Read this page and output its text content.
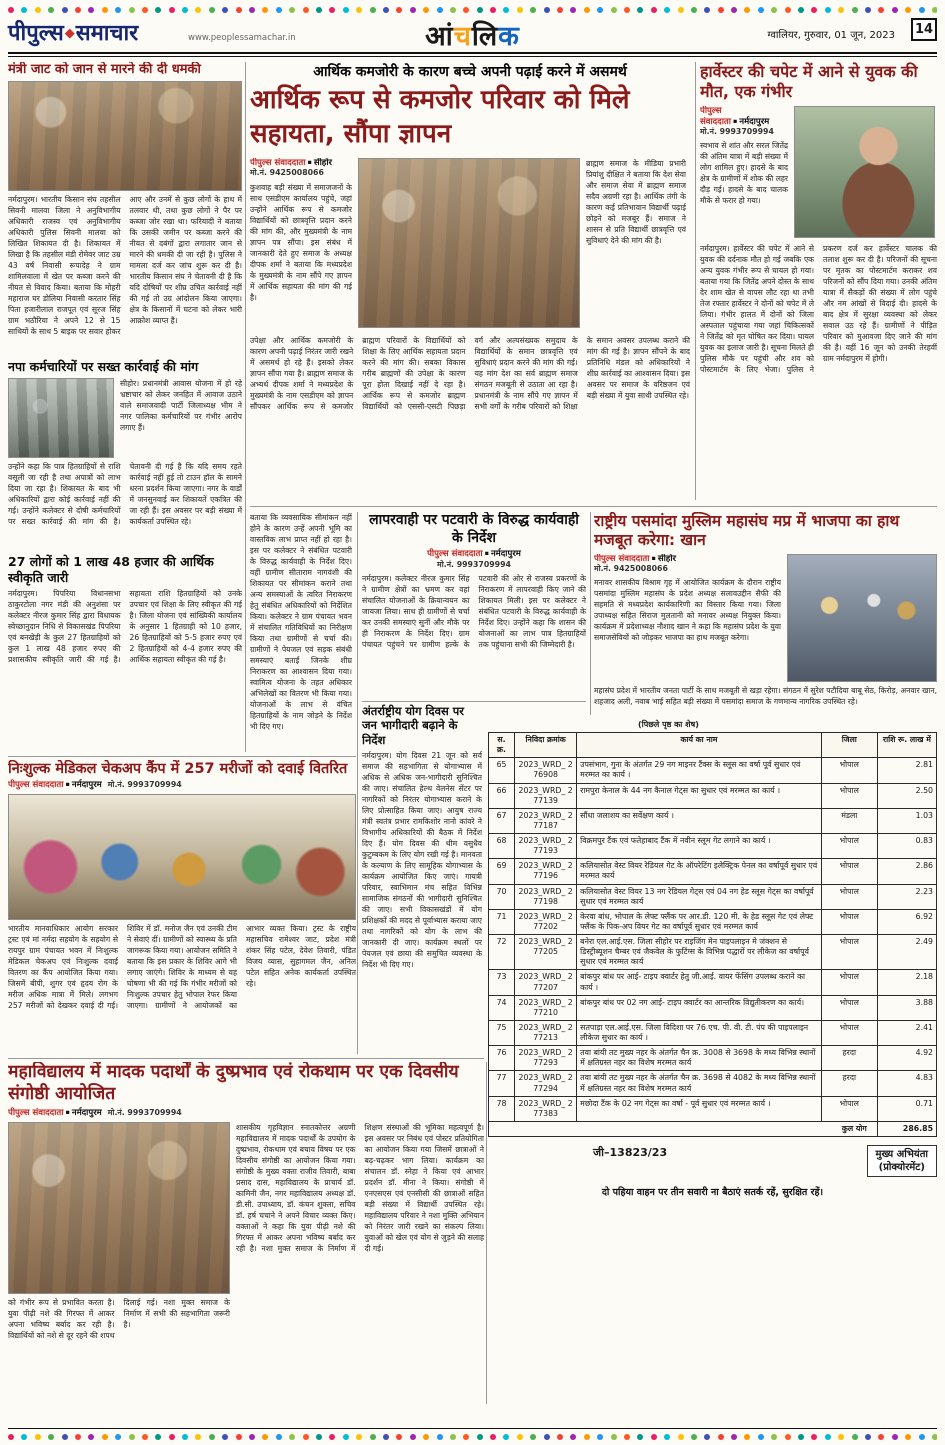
पीपुल्स◆समाचार	www.peoplessamachar.in	आंचलिक	ग्वालियर, गुरुवार, 01 जून, 2023	14
मंत्री जाट को जान से मारने की दी धमकी
नर्मदापुरम। भारतीय किसान संघ तहसील सिवनी मालवा जिला ने अनुविभागीय अधिकारी राजस्व एवं अनुविभागीय अधिकारी पुलिस सिवनी मालवा को लिखित शिकायत दी है। शिकायत में लिखा है कि तहसील मंडी रोमेवर जाट उम्र 43 वर्ष निवासी रूपादेह ने ग्राम शामिलवाला में खेत पर कब्जा करने की नीयत से विवाद किया। बताया कि मोहरी महाराज घर डोलिया निवासी करतार सिंह पिता हजारीलाल राजपूत एवं सूरज सिंह ग्राम भठौरिया ने अपने 12 से 15 साथियों के साथ 5 बाइक पर सवार होकर आए और उनमें से कुछ लोगों के हाथ में तलवार थी, तथा कुछ लोगों ने पैर पर कब्जा जोर रखा था। फरियादी ने बताया कि उसकी जमीन पर कब्जा करने की नीयत से दबंगों द्वारा लगातार जान से मारने की धमकी दी जा रही है। पुलिस ने मामला दर्ज कर जांच शुरू कर दी है। भारतीय किसान संघ ने चेतावनी दी है कि यदि दोषियों पर शीघ्र उचित कार्रवाई नहीं की गई तो उग्र आंदोलन किया जाएगा। क्षेत्र के किसानों में घटना को लेकर भारी आक्रोश व्याप्त है।
नपा कर्मचारियों पर सख्त कार्रवाई की मांग
सीहोर। प्रधानमंत्री आवास योजना में हो रहे भ्रष्टाचार को लेकर जनहित में आवाज उठाने वाले समाजवादी पार्टी जिलाध्यक्ष भीम ने नगर पालिका कर्मचारियों पर गंभीर आरोप लगाए हैं।
उन्होंने कहा कि पात्र हितग्राहियों से राशि वसूली जा रही है तथा अपात्रों को लाभ दिया जा रहा है। शिकायत के बाद भी अधिकारियों द्वारा कोई कार्रवाई नहीं की गई। उन्होंने कलेक्टर से दोषी कर्मचारियों पर सख्त कार्रवाई की मांग की है। चेतावनी दी गई है कि यदि समय रहते कार्रवाई नहीं हुई तो टाउन हॉल के सामने धरना प्रदर्शन किया जाएगा। नगर के वार्डों में जनसुनवाई कर शिकायतें एकत्रित की जा रही हैं। इस अवसर पर बड़ी संख्या में कार्यकर्ता उपस्थित रहे।
27 लोगों को 1 लाख 48 हजार की आर्थिक स्वीकृति जारी
नर्मदापुरम। पिपरिया विधानसभा ठाकुरटोला नगर मंडी की अनुशंसा पर कलेक्टर नीरज कुमार सिंह द्वारा विधायक स्वेच्छानुदान निधि से विकासखंड पिपरिया एवं बनखेड़ी के कुल 27 हितग्राहियों को कुल 1 लाख 48 हजार रुपए की प्रशासकीय स्वीकृति जारी की गई है। सहायता राशि हितग्राहियों को उनके उपचार एवं शिक्षा के लिए स्वीकृत की गई है। जिला योजना एवं सांख्यिकी कार्यालय के अनुसार 1 हितग्राही को 10 हजार, 26 हितग्राहियों को 5-5 हजार रुपए एवं 2 हितग्राहियों को 4-4 हजार रुपए की आर्थिक सहायता स्वीकृत की गई है।
आर्थिक कमजोरी के कारण बच्चे अपनी पढ़ाई करने में असमर्थ
आर्थिक रूप से कमजोर परिवार को मिले सहायता, सौंपा ज्ञापन
पीपुल्स संवाददाता ▪ सीहोर
मो.नं. 9425008066
कुशवाह बड़ी संख्या में समाजजनों के साथ एसडीएम कार्यालय पहुंचे, जहां उन्होंने आर्थिक रूप से कमजोर विद्यार्थियों को छात्रवृत्ति प्रदान करने की मांग की, और मुख्यमंत्री के नाम ज्ञापन पत्र सौंपा। इस संबंध में जानकारी देते हुए समाज के अध्यक्ष दीपक शर्मा ने बताया कि मध्यप्रदेश के मुख्यमंत्री के नाम सौंपे गए ज्ञापन में आर्थिक सहायता की मांग की गई है।
ब्राह्मण समाज के मीडिया प्रभारी प्रियांशु दीक्षित ने बताया कि देश सेवा और समाज सेवा में ब्राह्मण समाज सदैव अग्रणी रहा है। आर्थिक तंगी के कारण कई प्रतिभावान विद्यार्थी पढ़ाई छोड़ने को मजबूर हैं। समाज ने शासन से प्रति विद्यार्थी छात्रवृत्ति एवं सुविधाएं देने की मांग की है।
उपेक्षा और आर्थिक कमजोरी के कारण अपनी पढ़ाई निरंतर जारी रखने में असमर्थ हो रहे हैं। इसको लेकर ज्ञापन सौंपा गया है। ब्राह्मण समाज के अभ्यर्थ दीपक शर्मा ने मध्यप्रदेश के मुख्यमंत्री के नाम एसडीएम को ज्ञापन सौंपकर आर्थिक रूप से कमजोर ब्राह्मण परिवारों के विद्यार्थियों को शिक्षा के लिए आर्थिक सहायता प्रदान करने की मांग की। सबका विकास गरीब ब्राह्मणों की उपेक्षा के कारण पूरा होता दिखाई नहीं दे रहा है। आर्थिक रूप से कमजोर ब्राह्मण विद्यार्थियों को एससी-एसटी पिछड़ा वर्ग और अल्पसंख्यक समुदाय के विद्यार्थियों के समान छात्रवृत्ति एवं सुविधाएं प्रदान करने की मांग की गई। यह मांग देश का सर्व ब्राह्मण समाज संगठन मजबूती से उठाता आ रहा है। प्रधानमंत्री के नाम सौंपे गए ज्ञापन में सभी वर्गों के गरीब परिवारों को शिक्षा के समान अवसर उपलब्ध कराने की मांग की गई है। ज्ञापन सौंपने के बाद प्रतिनिधि मंडल को अधिकारियों ने शीघ्र कार्रवाई का आश्वासन दिया। इस अवसर पर समाज के वरिष्ठजन एवं बड़ी संख्या में युवा साथी उपस्थित रहे।
हार्वेस्टर की चपेट में आने से युवक की मौत, एक गंभीर
पीपुल्स संवाददाता ▪ नर्मदापुरम
मो.नं. 9993709994
स्वभाव से शांत और सरल जितेंद्र की अंतिम यात्रा में बड़ी संख्या में लोग शामिल हुए। हादसे के बाद क्षेत्र के ग्रामीणों में शोक की लहर दौड़ गई। हादसे के बाद चालक मौके से फरार हो गया।
नर्मदापुरम। हार्वेस्टर की चपेट में आने से युवक की दर्दनाक मौत हो गई जबकि एक अन्य युवक गंभीर रूप से घायल हो गया। बताया गया कि जितेंद्र अपने दोस्त के साथ देर शाम खेत से वापस लौट रहा था तभी तेज रफ्तार हार्वेस्टर ने दोनों को चपेट में ले लिया। गंभीर हालत में दोनों को जिला अस्पताल पहुंचाया गया जहां चिकित्सकों ने जितेंद्र को मृत घोषित कर दिया। घायल युवक का इलाज जारी है। सूचना मिलते ही पुलिस मौके पर पहुंची और शव को पोस्टमार्टम के लिए भेजा। पुलिस ने प्रकरण दर्ज कर हार्वेस्टर चालक की तलाश शुरू कर दी है। परिजनों की सूचना पर मृतक का पोस्टमार्टम कराकर शव परिजनों को सौंप दिया गया। उनकी अंतिम यात्रा में सैकड़ों की संख्या में लोग पहुंचे और नम आंखों से विदाई दी। हादसे के बाद क्षेत्र में सुरक्षा व्यवस्था को लेकर सवाल उठ रहे हैं। ग्रामीणों ने पीड़ित परिवार को मुआवजा दिए जाने की मांग की है। वहीं 16 जून को उनकी तेरहवीं ग्राम नर्मदापुरम में होगी।
बताया कि व्यवसायिक सीमांकन नहीं होने के कारण उन्हें अपनी भूमि का वास्तविक लाभ प्राप्त नहीं हो रहा है। इस पर कलेक्टर ने संबंधित पटवारी के विरुद्ध कार्यवाही के निर्देश दिए। वहीं ग्रामीण सीताराम नागवंशी की शिकायत पर सीमांकन कराने तथा अन्य समस्याओं के त्वरित निराकरण हेतु संबंधित अधिकारियों को निर्देशित किया। कलेक्टर ने ग्राम पंचायत भवन में संचालित गतिविधियों का निरीक्षण किया तथा ग्रामीणों से चर्चा की। ग्रामीणों ने पेयजल एवं सड़क संबंधी समस्याएं बताईं जिनके शीघ्र निराकरण का आश्वासन दिया गया। स्वामित्व योजना के तहत अधिकार अभिलेखों का वितरण भी किया गया। योजनाओं के लाभ से वंचित हितग्राहियों के नाम जोड़ने के निर्देश भी दिए गए।
लापरवाही पर पटवारी के विरुद्ध कार्यवाही के निर्देश
पीपुल्स संवाददाता ▪ नर्मदापुरम
मो.नं. 9993709994
नर्मदापुरम। कलेक्टर नीरज कुमार सिंह ने ग्रामीण क्षेत्रों का भ्रमण कर वहां संचालित योजनाओं के क्रियान्वयन का जायजा लिया। साथ ही ग्रामीणों से चर्चा कर उनकी समस्याएं सुनीं और मौके पर ही निराकरण के निर्देश दिए। ग्राम पंचायत पहुंचने पर ग्रामीण हल्के के पटवारी की ओर से राजस्व प्रकरणों के निराकरण में लापरवाही किए जाने की शिकायत मिली। इस पर कलेक्टर ने संबंधित पटवारी के विरुद्ध कार्यवाही के निर्देश दिए। उन्होंने कहा कि शासन की योजनाओं का लाभ पात्र हितग्राहियों तक पहुंचाना सभी की जिम्मेदारी है।
राष्ट्रीय पसमांदा मुस्लिम महासंघ मप्र में भाजपा का हाथ मजबूत करेगा: खान
पीपुल्स संवाददाता ▪ सीहोर
मो.नं. 9425008066
मनावर शासकीय विश्राम गृह में आयोजित कार्यक्रम के दौरान राष्ट्रीय पसमांदा मुस्लिम महासंघ के प्रदेश अध्यक्ष सलावउद्दीन सैफी की सहमति से मध्यप्रदेश कार्यकारिणी का विस्तार किया गया। जिला उपाध्यक्ष सहित सिराज मुलतानी को मनावर अध्यक्ष नियुक्त किया। कार्यक्रम में प्रदेशाध्यक्ष नौशाद खान ने कहा कि महासंघ प्रदेश के युवा समाजसेवियों को जोड़कर भाजपा का हाथ मजबूत करेगा।
महासंघ प्रदेश में भारतीय जनता पार्टी के साथ मजबूती से खड़ा रहेगा। संगठन में सुरेश पटौदिया बाबू सेठ, किरोड़, अनवार खान, शहजाद अली, नवाब भाई सहित बड़ी संख्या में पसमांदा समाज के गणमान्य नागरिक उपस्थित रहे।
अंतर्राष्ट्रीय योग दिवस पर जन भागीदारी बढ़ाने के निर्देश
नर्मदापुरम। योग दिवस 21 जून को सर्व समाज की सहभागिता से योगाभ्यास में अधिक से अधिक जन-भागीदारी सुनिश्चित की जाए। संचालित हेल्थ वेलनेस सेंटर पर नागरिकों को निरंतर योगाभ्यास कराने के लिए प्रोत्साहित किया जाए। आयुष राज्य मंत्री स्वतंत्र प्रभार रामकिशोर नानो कांवरे ने विभागीय अधिकारियों की बैठक में निर्देश दिए हैं। योग दिवस की थीम वसुधैव कुटुम्बकम के लिए योग रखी गई है। मानवता के कल्याण के लिए सामूहिक योगाभ्यास के कार्यक्रम आयोजित किए जाएं। गायत्री परिवार, स्वाभिमान मंच सहित विभिन्न सामाजिक संगठनों की भागीदारी सुनिश्चित की जाए। सभी विकासखंडों में योग प्रशिक्षकों की मदद से पूर्वाभ्यास कराया जाए तथा नागरिकों को योग के लाभ की जानकारी दी जाए। कार्यक्रम स्थलों पर पेयजल एवं छाया की समुचित व्यवस्था के निर्देश भी दिए गए।
निःशुल्क मेडिकल चेकअप कैंप में 257 मरीजों को दवाई वितरित
पीपुल्स संवाददाता ▪ नर्मदापुरम मो.नं. 9993709994
भारतीय मानवाधिकार आयोग सरकार ट्रस्ट एवं मां नर्मदा सहयोग के सहयोग से रायपुर ग्राम पंचायत भवन में निःशुल्क मेडिकल चेकअप एवं निःशुल्क दवाई वितरण का कैंप आयोजित किया गया। जिसमें बीपी, शुगर एवं हृदय रोग के मरीज अधिक मात्रा में मिले। लगभग 257 मरीजों को देखकर दवाई दी गई। शिविर में डॉ. मनोज जैन एवं उनकी टीम ने सेवाएं दीं। ग्रामीणों को स्वास्थ्य के प्रति जागरूक किया गया। आयोजन समिति ने बताया कि इस प्रकार के शिविर आगे भी लगाए जाएंगे। शिविर के माध्यम से यह घोषणा भी की गई कि गंभीर मरीजों को निःशुल्क उपचार हेतु भोपाल रेफर किया जाएगा। ग्रामीणों ने आयोजकों का आभार व्यक्त किया। ट्रस्ट के राष्ट्रीय महासचिव रामेश्वर जाट, प्रदेश मंत्री शंकर सिंह पटेल, देवेश तिवारी, पंडित विजय व्यास, सुहागमल जैन, अनिल पटेल सहित अनेक कार्यकर्ता उपस्थित रहे।
महाविद्यालय में मादक पदार्थों के दुष्प्रभाव एवं रोकथाम पर एक दिवसीय संगोष्ठी आयोजित
पीपुल्स संवाददाता ▪ नर्मदापुरम मो.नं. 9993709994
को गंभीर रूप से प्रभावित करता है। युवा पीढ़ी नशे की गिरफ्त में आकर अपना भविष्य बर्बाद कर रही है। विद्यार्थियों को नशे से दूर रहने की शपथ दिलाई गई। नशा मुक्त समाज के निर्माण में सभी की सहभागिता जरूरी है।
शासकीय गृहविज्ञान स्नातकोत्तर अग्रणी महाविद्यालय में मादक पदार्थों के उपयोग के दुष्प्रभाव, रोकथाम एवं बचाव विषय पर एक दिवसीय संगोष्ठी का आयोजन किया गया। संगोष्ठी के मुख्य वक्ता राजीव तिवारी, बाबा प्रसाद दास, महाविद्यालय के प्राचार्य डॉ. कामिनी जैन, नगर महाविद्यालय अध्यक्ष डॉ. डी.सी. उपाध्याय, डॉ. कंचन शुक्ला, सचिव डॉ. हर्ष चचाने ने अपने विचार व्यक्त किए। वक्ताओं ने कहा कि युवा पीढ़ी नशे की गिरफ्त में आकर अपना भविष्य बर्बाद कर रही है। नशा मुक्त समाज के निर्माण में शिक्षण संस्थाओं की भूमिका महत्वपूर्ण है। इस अवसर पर निबंध एवं पोस्टर प्रतियोगिता का आयोजन किया गया जिसमें छात्राओं ने बढ़-चढ़कर भाग लिया। कार्यक्रम का संचालन डॉ. स्नेहा ने किया एवं आभार प्रदर्शन डॉ. मीना ने किया। संगोष्ठी में एनएसएस एवं एनसीसी की छात्राओं सहित बड़ी संख्या में विद्यार्थी उपस्थित रहे। महाविद्यालय परिवार ने नशा मुक्ति अभियान को निरंतर जारी रखने का संकल्प लिया। युवाओं को खेल एवं योग से जुड़ने की सलाह दी गई।
(पिछले पृष्ठ का शेष)
स. क्र.	निविदा क्रमांक	कार्य का नाम	जिला	राशि रू. लाख में
65	2023_WRD_ 276908	उपसंभाग, गुना के अंतर्गत 29 नग माइनर टैंक्स के स्लूस का वर्षा पूर्व सुधार एवं मरम्मत का कार्य ।	भोपाल	2.81
66	2023_WRD_ 277139	रामपुरा केनाल के 44 नग कैनाल गेट्स का सुधार एवं मरम्मत का कार्य ।	भोपाल	2.50
67	2023_WRD_ 277187	सौंधा जलाशय का सर्वेक्षण कार्य ।	मंडला	1.03
68	2023_WRD_ 277193	विक्रमपुर टैंक एवं फतेहाबाद टैंक में नवीन स्लूम गेट लगाने का कार्य ।	भोपाल	0.83
69	2023_WRD_ 277196	कलियासोत वेस्ट वियर रेडियल गेट के ऑपरेटिंग इलेक्ट्रिक पेनल का वर्षापूर्व सुधार एवं मरम्मत कार्य	भोपाल	2.86
70	2023_WRD_ 277198	कलियासोत वेस्ट वियर 13 नग रेडियल गेट्स एवं 04 नग हेड स्लूस गेट्स का वर्षापूर्व सुधार एवं मरम्मत कार्य	भोपाल	2.23
71	2023_WRD_ 277202	केरवा बांध, भोपाल के लेफ्ट फ्लैंक पर आर.डी. 120 मी. के हेड स्लूस गेट एवं लेफ्ट फ्लैंक के पिक-अप वियर गेट का वर्षापूर्व सुधार एवं मरम्मत कार्य	भोपाल	6.92
72	2023_WRD_ 277205	बनेरा एल.आई.एस. जिला सीहोर पर राइजिंग मेन पाइपलाइन मे जंक्शन से डिस्ट्रीब्यूशन चैम्बर एवं जैकवेल के फुटिंग्स के विभिन्न पद्धारों पर लीकेज का वर्षापूर्व सुधार एवं मरम्मत कार्य	भोपाल	2.49
73	2023_WRD_ 277207	बांकपुर बांध पर आई- टाइप क्वार्टर हेतु जी.आई. वायर फेंसिंग उपलब्ध कराने का कार्य ।	भोपाल	2.18
74	2023_WRD_ 277210	बांकपुर बांध पर 02 नग आई- टाइप क्वार्टर का आन्तरिक विद्युतीकरण का कार्य।	भोपाल	3.88
75	2023_WRD_ 277213	सतपाड़ा एल.आई.एस. जिला विदिशा पर 76 एच. पी. वी. टी. पंप की पाइपलाइन लीकेज सुधार का कार्य ।	भोपाल	2.41
76	2023_WRD_ 277293	तवा बांयी तट मुख्य नहर के अंतर्गत चैन क्र. 3008 से 3698 के मध्य विभिन्न स्थानों में क्षतिग्रस्त नहर का विशेष मरम्मत कार्य	हरदा	4.92
77	2023_WRD_ 277294	तवा बांयी तट मुख्य नहर के अंतर्गत चैन क्र. 3698 से 4082 के मध्य विभिन्न स्थानों में क्षतिग्रस्त नहर का विशेष मरम्मत कार्य	हरदा	4.83
78	2023_WRD_ 277383	मछोदा टैंक के 02 नग गेट्स का वर्षा - पूर्व सुधार एवं मरम्मत कार्य ।	भोपाल	0.71
कुल योग				286.85
जी–13823/23	मुख्य अभियंता
(प्रोक्योरमेंट)
दो पहिया वाहन पर तीन सवारी ना बैठाएं सतर्क रहें, सुरक्षित रहें।
